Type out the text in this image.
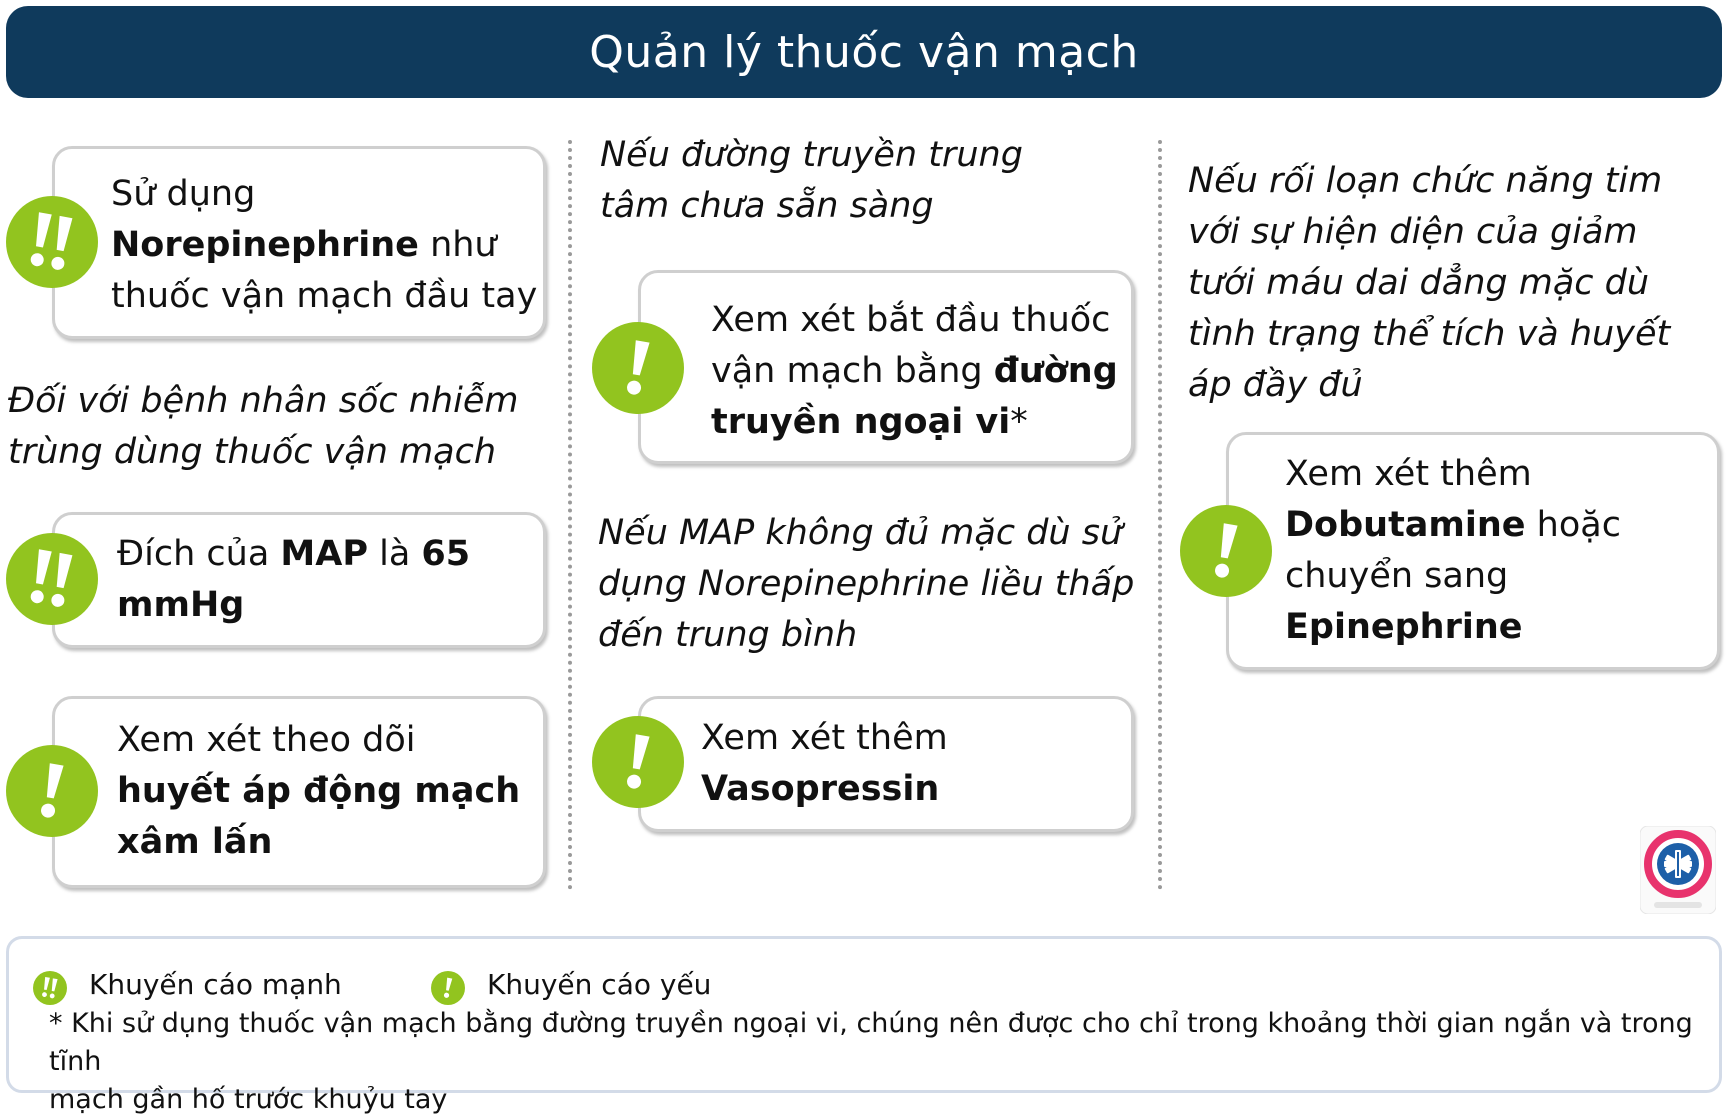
Quản lý thuốc vận mạch
Sử dụng
Norepinephrine như
thuốc vận mạch đầu tay
Đối với bệnh nhân sốc nhiễm
trùng dùng thuốc vận mạch
Đích của MAP là 65
mmHg
Xem xét theo dõi
huyết áp động mạch
xâm lấn
Nếu đường truyền trung
tâm chưa sẵn sàng
Xem xét bắt đầu thuốc
vận mạch bằng đường
truyền ngoại vi*
Nếu MAP không đủ mặc dù sử
dụng Norepinephrine liều thấp
đến trung bình
Xem xét thêm
Vasopressin
Nếu rối loạn chức năng tim
với sự hiện diện của giảm
tưới máu dai dẳng mặc dù
tình trạng thể tích và huyết
áp đầy đủ
Xem xét thêm
Dobutamine hoặc
chuyển sang
Epinephrine
Khuyến cáo mạnh	Khuyến cáo yếu
* Khi sử dụng thuốc vận mạch bằng đường truyền ngoại vi, chúng nên được cho chỉ trong khoảng thời gian ngắn và trong tĩnh
mạch gần hố trước khuỷu tay
